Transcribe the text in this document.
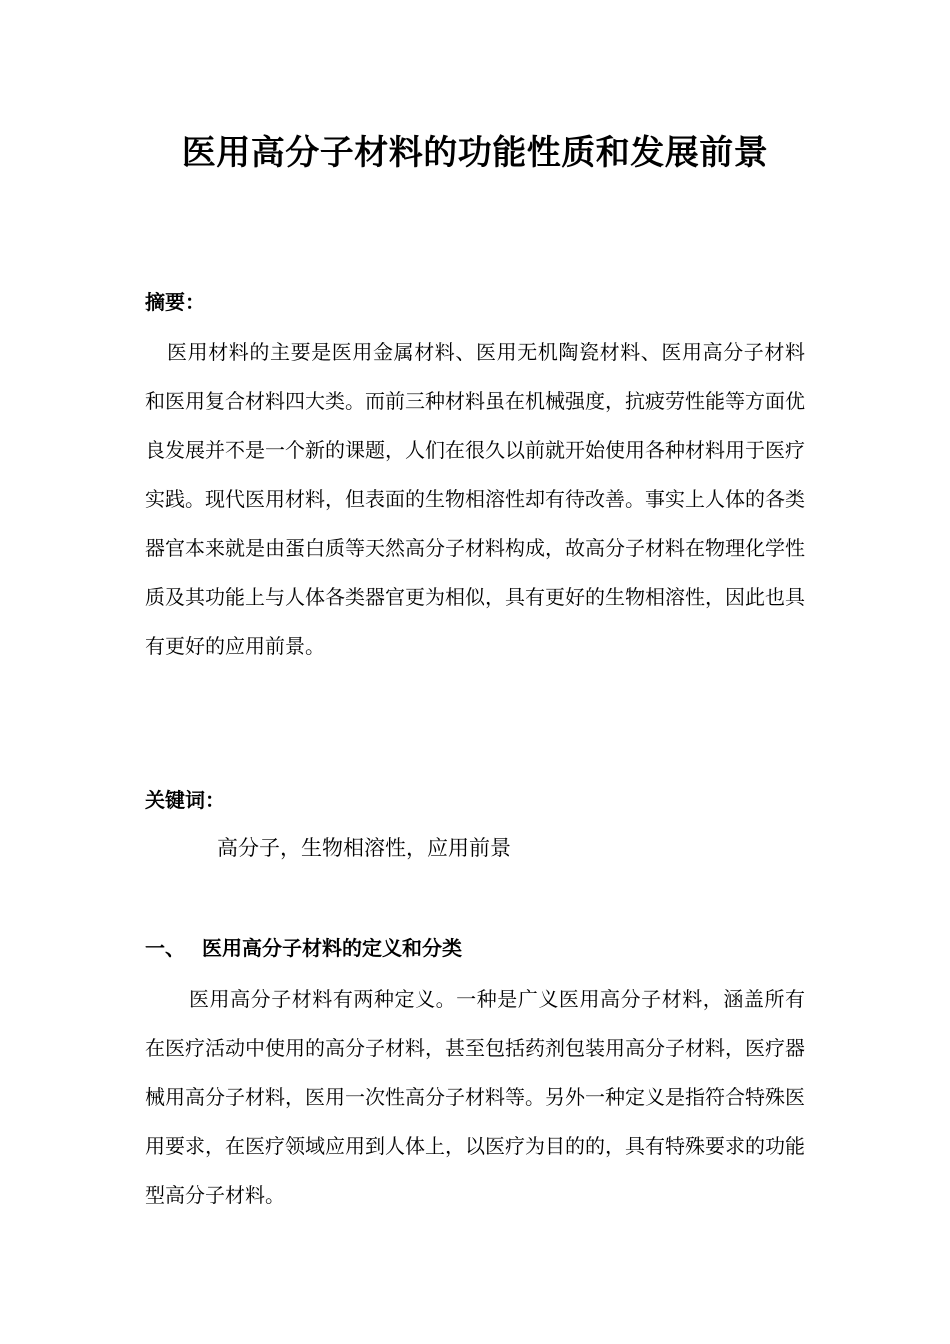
医用高分子材料的功能性质和发展前景
摘要：
医用材料的主要是医用金属材料、医用无机陶瓷材料、医用高分子材料和医用复合材料四大类。而前三种材料虽在机械强度，抗疲劳性能等方面优良发展并不是一个新的课题，人们在很久以前就开始使用各种材料用于医疗实践。现代医用材料，但表面的生物相溶性却有待改善。事实上人体的各类器官本来就是由蛋白质等天然高分子材料构成，故高分子材料在物理化学性质及其功能上与人体各类器官更为相似，具有更好的生物相溶性，因此也具有更好的应用前景。
关键词：
高分子，生物相溶性，应用前景
一、 医用高分子材料的定义和分类
医用高分子材料有两种定义。一种是广义医用高分子材料，涵盖所有在医疗活动中使用的高分子材料，甚至包括药剂包装用高分子材料，医疗器械用高分子材料，医用一次性高分子材料等。另外一种定义是指符合特殊医用要求，在医疗领域应用到人体上，以医疗为目的的，具有特殊要求的功能型高分子材料。
